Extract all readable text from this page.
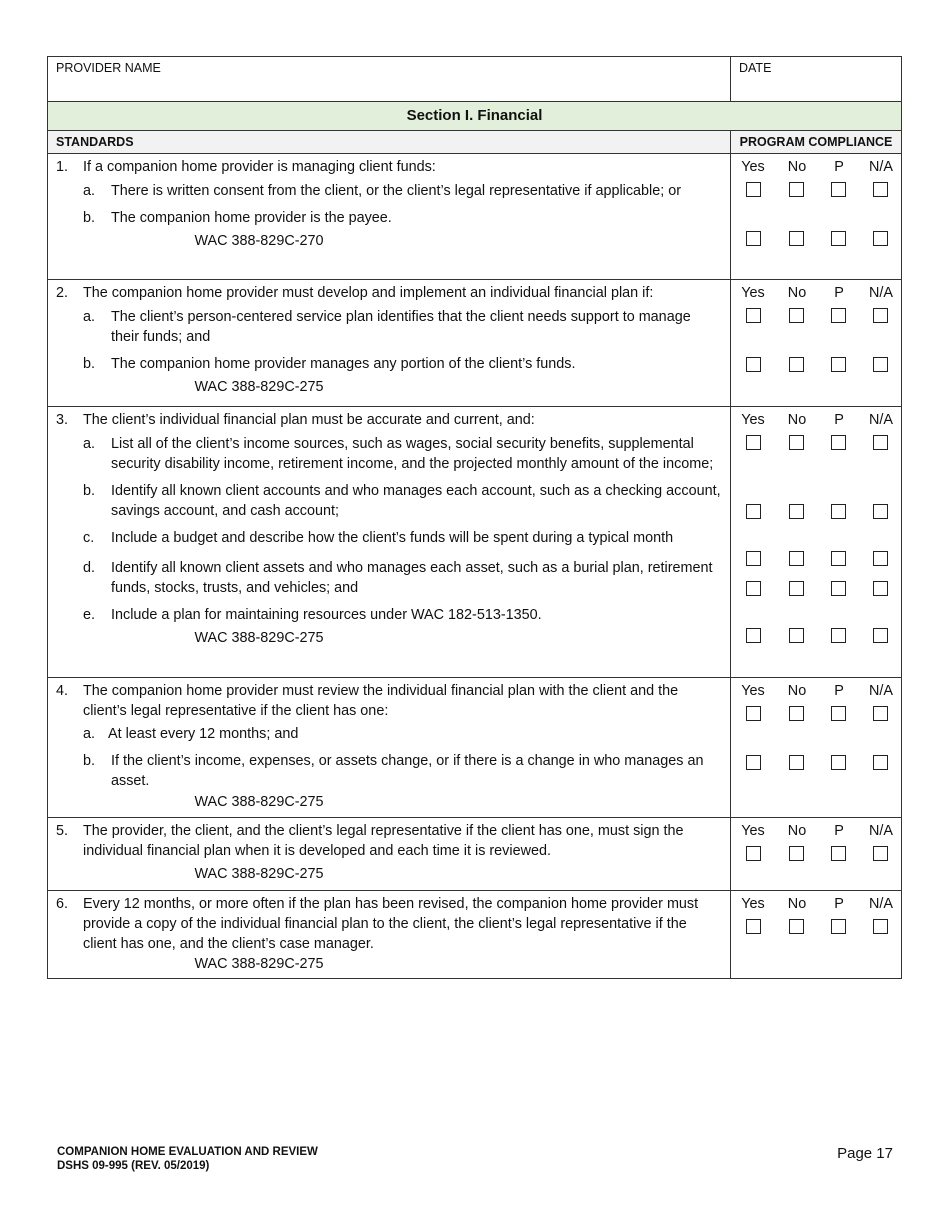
PROVIDER NAME	DATE
Section I. Financial
STANDARDS	PROGRAM COMPLIANCE
1.	If a companion home provider is managing client funds:
a.	There is written consent from the client, or the client’s legal representative if applicable; or
b.	The companion home provider is the payee.
WAC 388-829C-270
Yes	No	P	N/A
2.	The companion home provider must develop and implement an individual financial plan if:
a.	The client’s person-centered service plan identifies that the client needs support to manage their funds; and
b.	The companion home provider manages any portion of the client’s funds.
WAC 388-829C-275
Yes	No	P	N/A
3.	The client’s individual financial plan must be accurate and current, and:
a.	List all of the client’s income sources, such as wages, social security benefits, supplemental security disability income, retirement income, and the projected monthly amount of the income;
b.	Identify all known client accounts and who manages each account, such as a checking account, savings account, and cash account;
c.	Include a budget and describe how the client’s funds will be spent during a typical month
d.	Identify all known client assets and who manages each asset, such as a burial plan, retirement funds, stocks, trusts, and vehicles; and
e.	Include a plan for maintaining resources under WAC 182-513-1350.
WAC 388-829C-275
Yes	No	P	N/A
4.	The companion home provider must review the individual financial plan with the client and the client’s legal representative if the client has one:
a. At least every 12 months; and
b.	If the client’s income, expenses, or assets change, or if there is a change in who manages an asset.
WAC 388-829C-275
Yes	No	P	N/A
5.	The provider, the client, and the client’s legal representative if the client has one, must sign the individual financial plan when it is developed and each time it is reviewed.
WAC 388-829C-275
Yes	No	P	N/A
6.	Every 12 months, or more often if the plan has been revised, the companion home provider must provide a copy of the individual financial plan to the client, the client’s legal representative if the client has one, and the client’s case manager.
WAC 388-829C-275
Yes	No	P	N/A
COMPANION HOME EVALUATION AND REVIEW
DSHS 09-995 (REV. 05/2019)
Page 17
